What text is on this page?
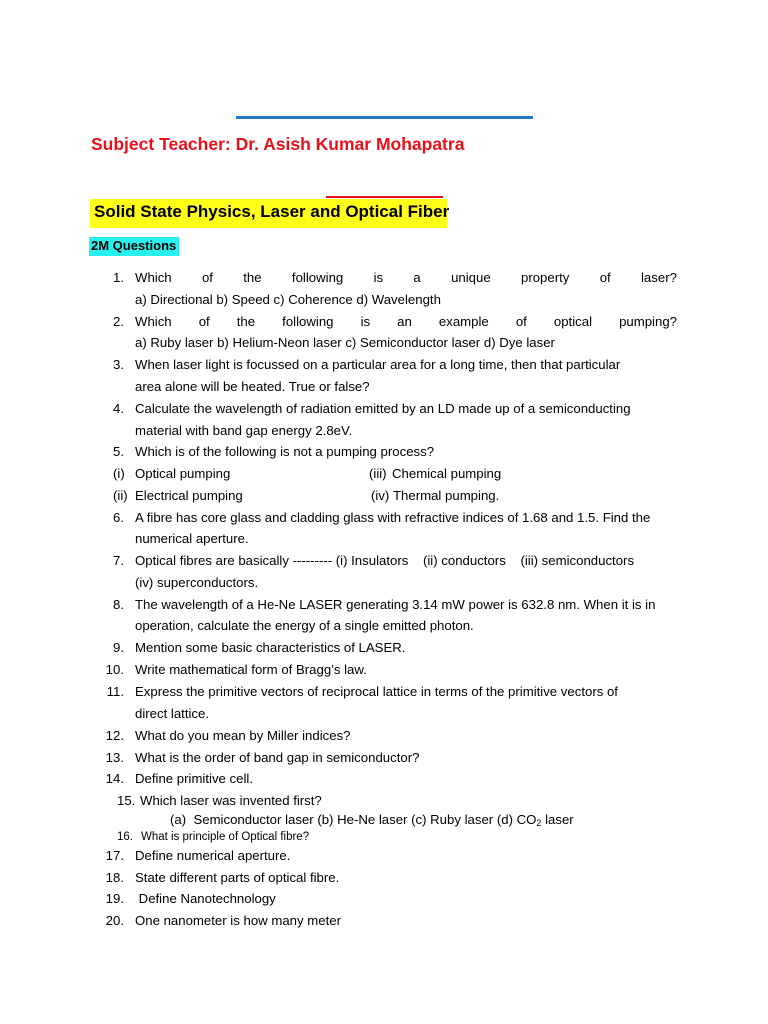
Subject Teacher: Dr. Asish Kumar Mohapatra
Solid State Physics, Laser and Optical Fiber
2M Questions
1. Which of the following is a unique property of laser?
a) Directional b) Speed c) Coherence d) Wavelength
2. Which of the following is an example of optical pumping?
a) Ruby laser b) Helium-Neon laser c) Semiconductor laser d) Dye laser
3. When laser light is focussed on a particular area for a long time, then that particular
area alone will be heated. True or false?
4. Calculate the wavelength of radiation emitted by an LD made up of a semiconducting
material with band gap energy 2.8eV.
5. Which is of the following is not a pumping process?
(i) Optical pumping	(iii) Chemical pumping
(ii) Electrical pumping	(iv) Thermal pumping.
6. A fibre has core glass and cladding glass with refractive indices of 1.68 and 1.5. Find the
numerical aperture.
7. Optical fibres are basically --------- (i) Insulators    (ii) conductors    (iii) semiconductors
(iv) superconductors.
8. The wavelength of a He-Ne LASER generating 3.14 mW power is 632.8 nm. When it is in
operation, calculate the energy of a single emitted photon.
9. Mention some basic characteristics of LASER.
10. Write mathematical form of Bragg’s law.
11. Express the primitive vectors of reciprocal lattice in terms of the primitive vectors of
direct lattice.
12. What do you mean by Miller indices?
13. What is the order of band gap in semiconductor?
14. Define primitive cell.
15. Which laser was invented first?
(a)  Semiconductor laser (b) He-Ne laser (c) Ruby laser (d) $CO_2$ laser
16. What is principle of Optical fibre?
17. Define numerical aperture.
18. State different parts of optical fibre.
19. Define Nanotechnology
20. One nanometer is how many meter
